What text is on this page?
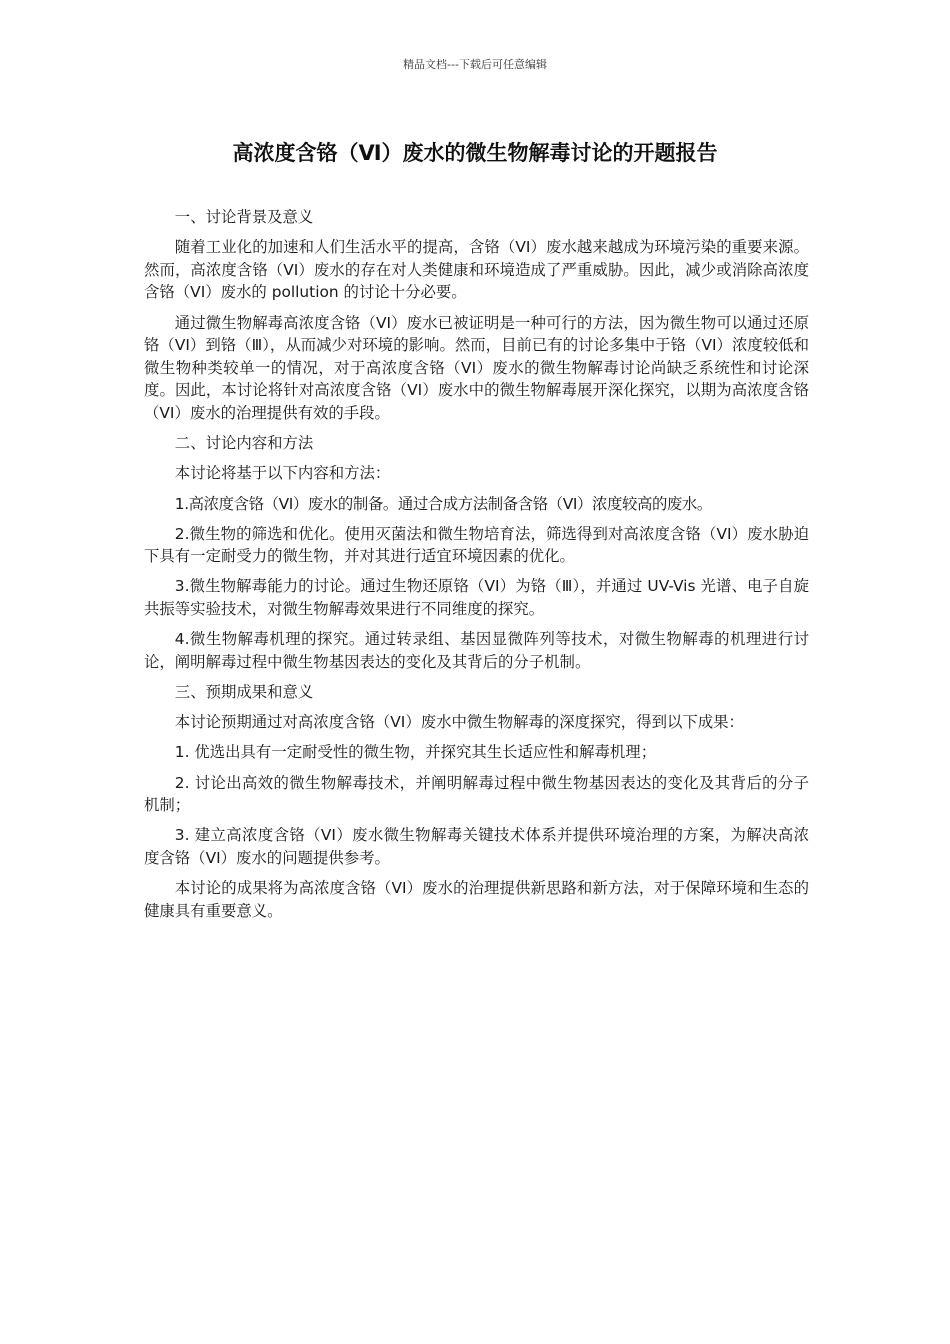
精品文档---下载后可任意编辑
高浓度含铬（Ⅵ）废水的微生物解毒讨论的开题报告

一、讨论背景及意义

随着工业化的加速和人们生活水平的提高，含铬（VI）废水越来越成为环境污染的重要来源。然而，高浓度含铬（VI）废水的存在对人类健康和环境造成了严重威胁。因此，减少或消除高浓度含铬（VI）废水的 pollution 的讨论十分必要。

通过微生物解毒高浓度含铬（VI）废水已被证明是一种可行的方法，因为微生物可以通过还原铬（VI）到铬（Ⅲ），从而减少对环境的影响。然而，目前已有的讨论多集中于铬（VI）浓度较低和微生物种类较单一的情况，对于高浓度含铬（VI）废水的微生物解毒讨论尚缺乏系统性和讨论深度。因此，本讨论将针对高浓度含铬（VI）废水中的微生物解毒展开深化探究，以期为高浓度含铬（VI）废水的治理提供有效的手段。

二、讨论内容和方法

本讨论将基于以下内容和方法：

1.高浓度含铬（VI）废水的制备。通过合成方法制备含铬（VI）浓度较高的废水。

2.微生物的筛选和优化。使用灭菌法和微生物培育法，筛选得到对高浓度含铬（VI）废水胁迫下具有一定耐受力的微生物，并对其进行适宜环境因素的优化。

3.微生物解毒能力的讨论。通过生物还原铬（VI）为铬（Ⅲ），并通过 UV-Vis 光谱、电子自旋共振等实验技术，对微生物解毒效果进行不同维度的探究。

4.微生物解毒机理的探究。通过转录组、基因显微阵列等技术，对微生物解毒的机理进行讨论，阐明解毒过程中微生物基因表达的变化及其背后的分子机制。

三、预期成果和意义

本讨论预期通过对高浓度含铬（VI）废水中微生物解毒的深度探究，得到以下成果：

1. 优选出具有一定耐受性的微生物，并探究其生长适应性和解毒机理；

2. 讨论出高效的微生物解毒技术，并阐明解毒过程中微生物基因表达的变化及其背后的分子机制；

3. 建立高浓度含铬（VI）废水微生物解毒关键技术体系并提供环境治理的方案，为解决高浓度含铬（VI）废水的问题提供参考。

本讨论的成果将为高浓度含铬（VI）废水的治理提供新思路和新方法，对于保障环境和生态的健康具有重要意义。
